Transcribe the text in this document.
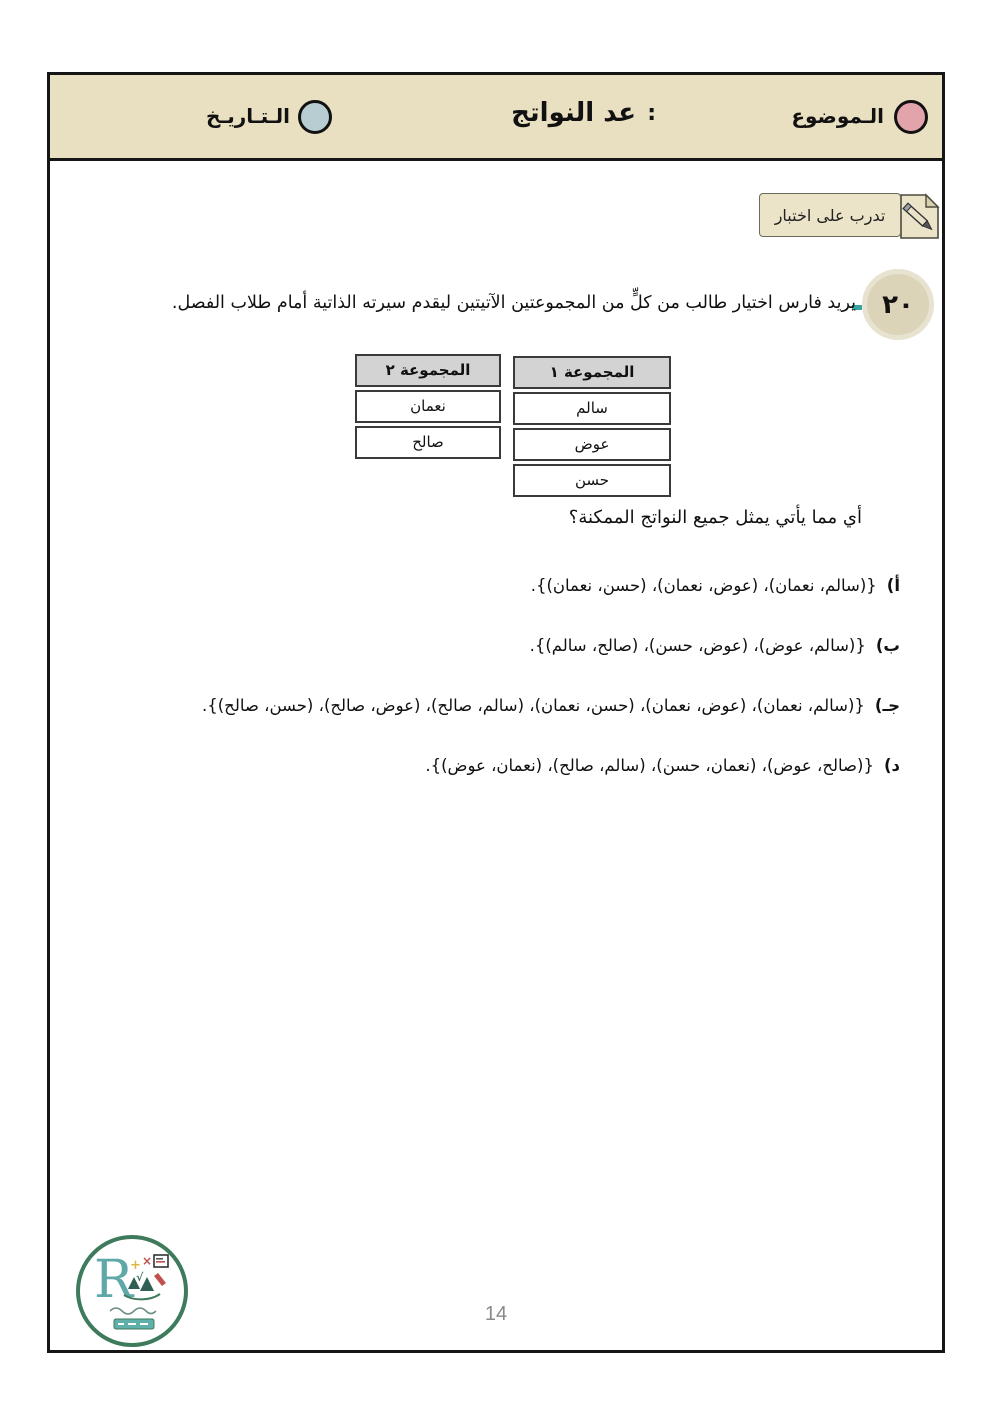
الـموضوع
:
عد النواتج
الـتـاريـخ
تدرب على اختبار
٢٠
يريد فارس اختيار طالب من كلٍّ من المجموعتين الآتيتين ليقدم سيرته الذاتية أمام طلاب الفصل.
المجموعة ١
سالم
عوض
حسن
المجموعة ٢
نعمان
صالح
أي مما يأتي يمثل جميع النواتج الممكنة؟
أ){(سالم، نعمان)، (عوض، نعمان)، (حسن، نعمان)}.
ب){(سالم، عوض)، (عوض، حسن)، (صالح، سالم)}.
جـ){(سالم، نعمان)، (عوض، نعمان)، (حسن، نعمان)، (سالم، صالح)، (عوض، صالح)، (حسن، صالح)}.
د){(صالح، عوض)، (نعمان، حسن)، (سالم، صالح)، (نعمان، عوض)}.
R
+ ×
√
14
